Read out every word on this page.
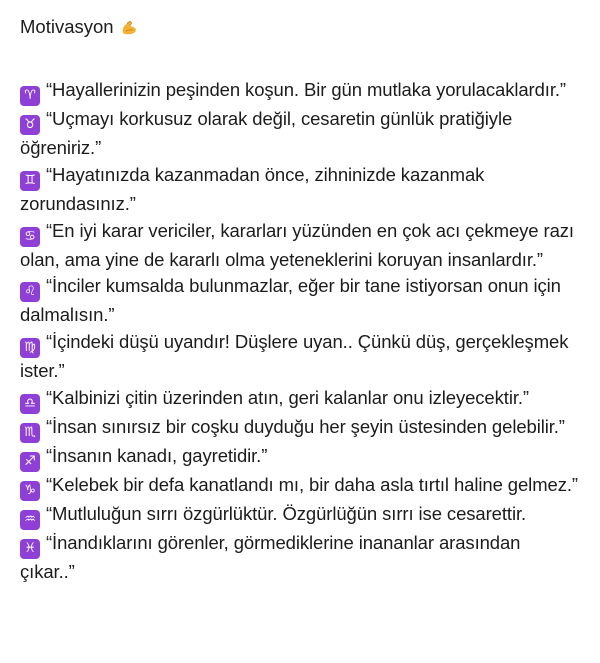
Motivasyon

♈ “Hayallerinizin peşinden koşun. Bir gün mutlaka yorulacaklardır.”

♉ “Uçmayı korkusuz olarak değil, cesaretin günlük pratiğiyle öğreniriz.”

♊ “Hayatınızda kazanmadan önce, zihninizde kazanmak zorundasınız.”

♋ “En iyi karar vericiler, kararları yüzünden en çok acı çekmeye razı olan, ama yine de kararlı olma yeteneklerini koruyan insanlardır.”

♌ “İnciler kumsalda bulunmazlar, eğer bir tane istiyorsan onun için dalmalısın.”

♍ “İçindeki düşü uyandır! Düşlere uyan.. Çünkü düş, gerçekleşmek ister.”

♎ “Kalbinizi çitin üzerinden atın, geri kalanlar onu izleyecektir.”

♏ “İnsan sınırsız bir coşku duyduğu her şeyin üstesinden gelebilir.”

♐ “İnsanın kanadı, gayretidir.”

♑ “Kelebek bir defa kanatlandı mı, bir daha asla tırtıl haline gelmez.”

♒ “Mutluluğun sırrı özgürlüktür. Özgürlüğün sırrı ise cesarettir.

♓ “İnandıklarını görenler, görmediklerine inananlar arasından çıkar..”
